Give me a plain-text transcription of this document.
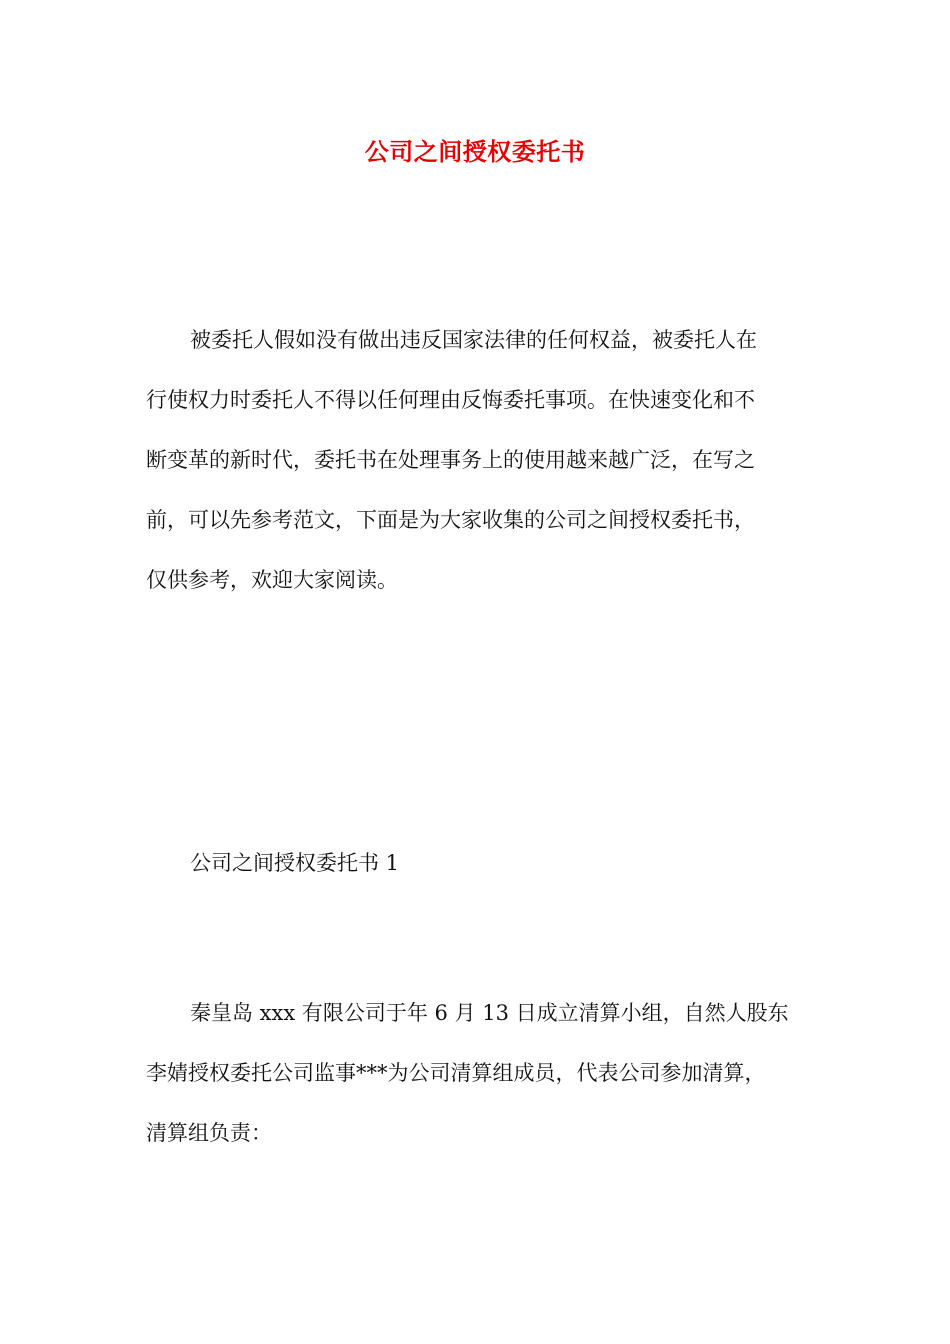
公司之间授权委托书
被委托人假如没有做出违反国家法律的任何权益，被委托人在
行使权力时委托人不得以任何理由反悔委托事项。在快速变化和不
断变革的新时代，委托书在处理事务上的使用越来越广泛，在写之
前，可以先参考范文，下面是为大家收集的公司之间授权委托书，
仅供参考，欢迎大家阅读。
公司之间授权委托书 1
秦皇岛 xxx 有限公司于年 6 月 13 日成立清算小组，自然人股东
李婧授权委托公司监事***为公司清算组成员，代表公司参加清算，
清算组负责：
